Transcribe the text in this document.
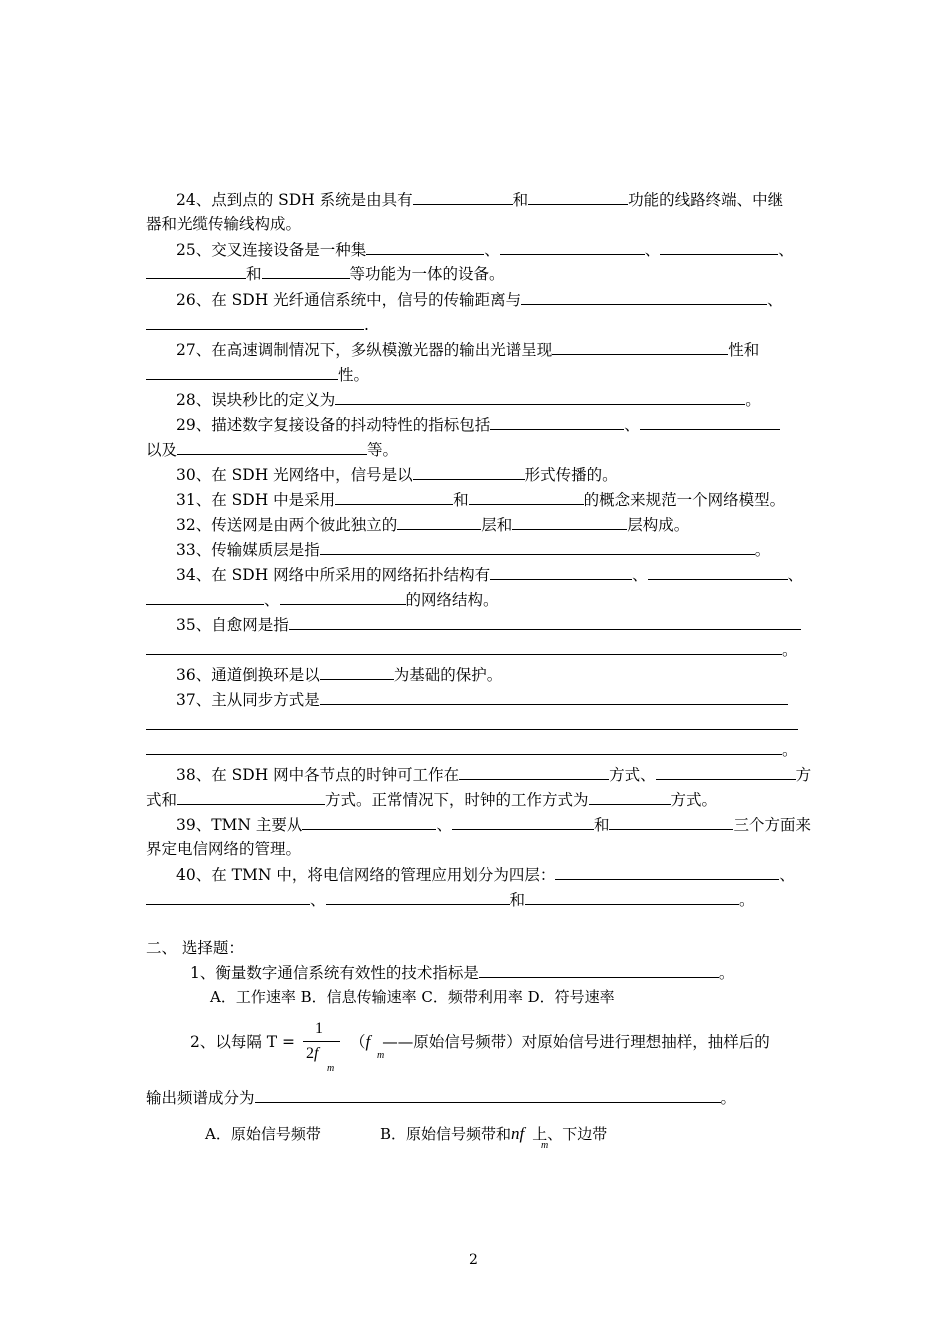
24、点到点的 SDH 系统是由具有	和	功能的线路终端、中继
器和光缆传输线构成。
25、交叉连接设备是一种集	、	、	、
和	等功能为一体的设备。
26、在 SDH 光纤通信系统中，信号的传输距离与	、
.
27、在高速调制情况下，多纵模激光器的输出光谱呈现	性和
性。
28、误块秒比的定义为	。
29、描述数字复接设备的抖动特性的指标包括	、
以及	等。
30、在 SDH 光网络中，信号是以	形式传播的。
31、在 SDH 中是采用	和	的概念来规范一个网络模型。
32、传送网是由两个彼此独立的	层和	层构成。
33、传输媒质层是指	。
34、在 SDH 网络中所采用的网络拓扑结构有	、	、
、	的网络结构。
35、自愈网是指
。
36、通道倒换环是以	为基础的保护。
37、主从同步方式是
。
38、在 SDH 网中各节点的时钟可工作在	方式、	方
式和	方式。正常情况下，时钟的工作方式为	方式。
39、TMN 主要从	、	和	三个方面来
界定电信网络的管理。
40、在 TMN 中，将电信网络的管理应用划分为四层：	、
、	和	。
二、 选择题：
1、衡量数字通信系统有效性的技术指标是	。
A．工作速率 B．信息传输速率 C．频带利用率 D．符号速率
2、以每隔 T =
1
2f
m
（f ——原始信号频带）对原始信号进行理想抽样，抽样后的
m
输出频谱成分为	。
A．原始信号频带	B．原始信号频带和nf 上、下边带
m
2
